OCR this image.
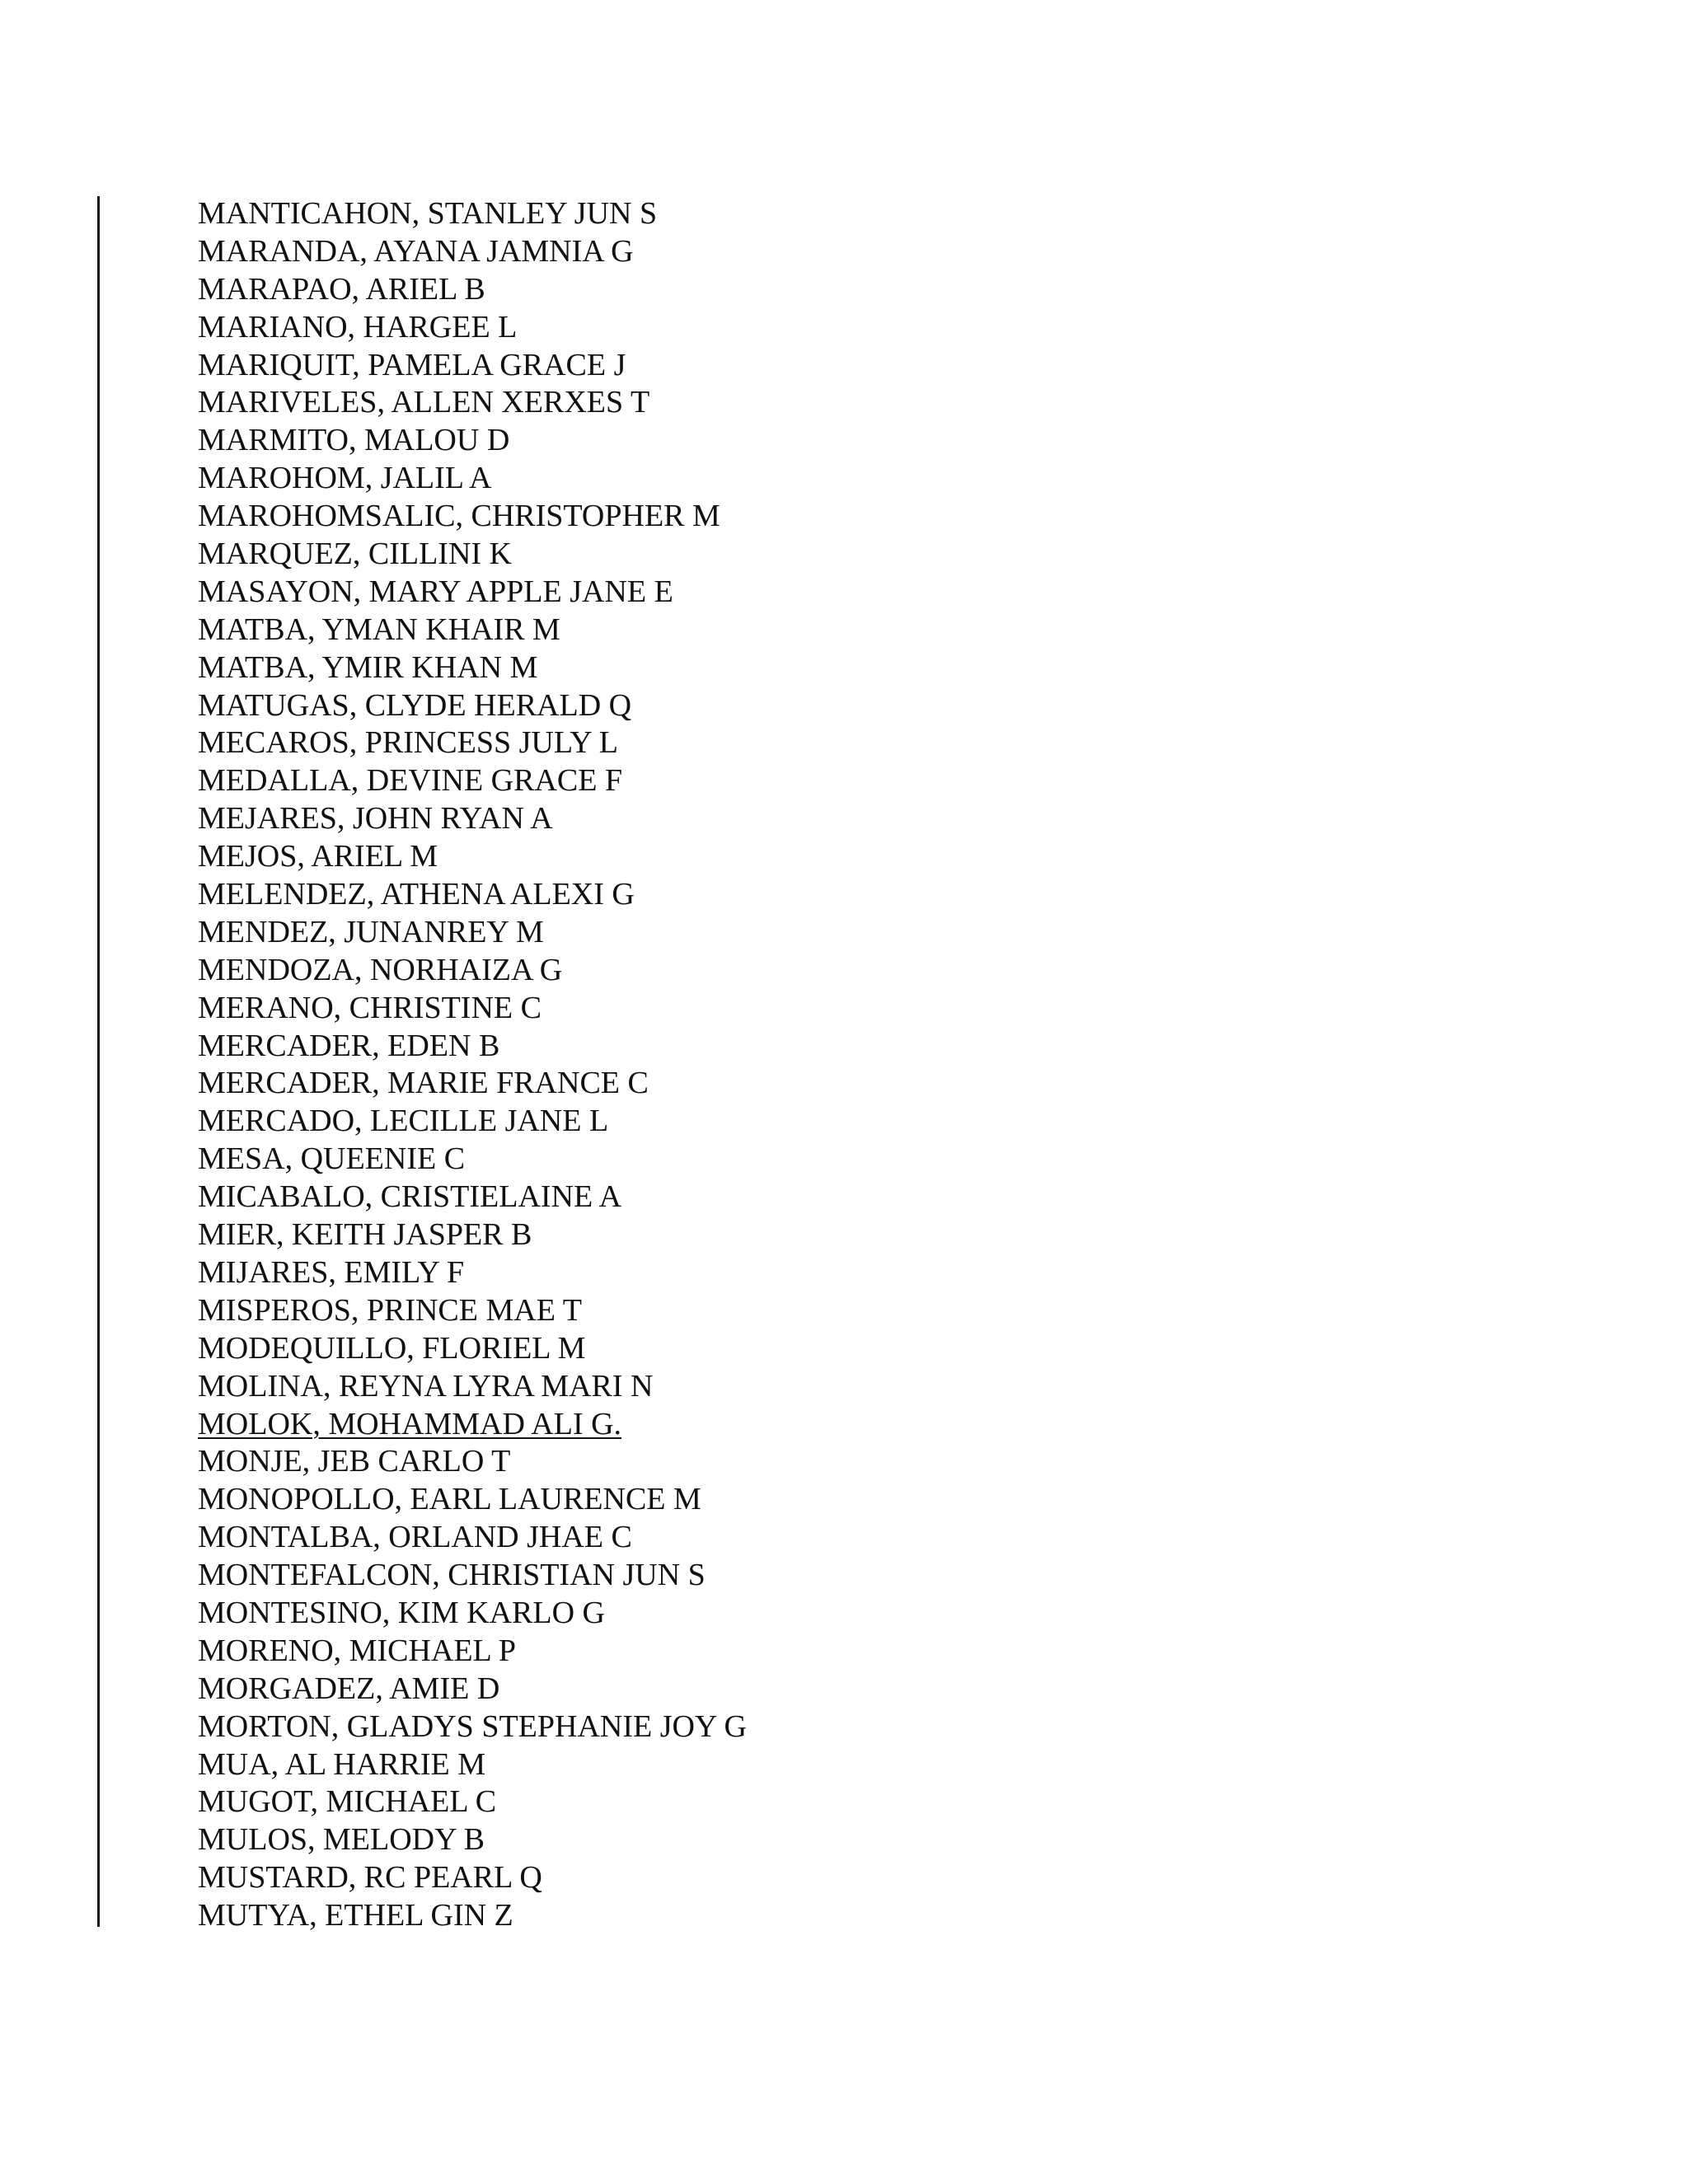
MANTICAHON, STANLEY JUN S
MARANDA, AYANA JAMNIA G
MARAPAO, ARIEL B
MARIANO, HARGEE L
MARIQUIT, PAMELA GRACE J
MARIVELES, ALLEN XERXES T
MARMITO, MALOU D
MAROHOM, JALIL A
MAROHOMSALIC, CHRISTOPHER M
MARQUEZ, CILLINI K
MASAYON, MARY APPLE JANE E
MATBA, YMAN KHAIR M
MATBA, YMIR KHAN M
MATUGAS, CLYDE HERALD Q
MECAROS, PRINCESS JULY L
MEDALLA, DEVINE GRACE F
MEJARES, JOHN RYAN A
MEJOS, ARIEL M
MELENDEZ, ATHENA ALEXI G
MENDEZ, JUNANREY M
MENDOZA, NORHAIZA G
MERANO, CHRISTINE C
MERCADER, EDEN B
MERCADER, MARIE FRANCE C
MERCADO, LECILLE JANE L
MESA, QUEENIE C
MICABALO, CRISTIELAINE A
MIER, KEITH JASPER B
MIJARES, EMILY F
MISPEROS, PRINCE MAE T
MODEQUILLO, FLORIEL M
MOLINA, REYNA LYRA MARI N
MOLOK, MOHAMMAD ALI G.
MONJE, JEB CARLO T
MONOPOLLO, EARL LAURENCE M
MONTALBA, ORLAND JHAE C
MONTEFALCON, CHRISTIAN JUN S
MONTESINO, KIM KARLO G
MORENO, MICHAEL P
MORGADEZ, AMIE D
MORTON, GLADYS STEPHANIE JOY G
MUA, AL HARRIE M
MUGOT, MICHAEL C
MULOS, MELODY B
MUSTARD, RC PEARL Q
MUTYA, ETHEL GIN Z
